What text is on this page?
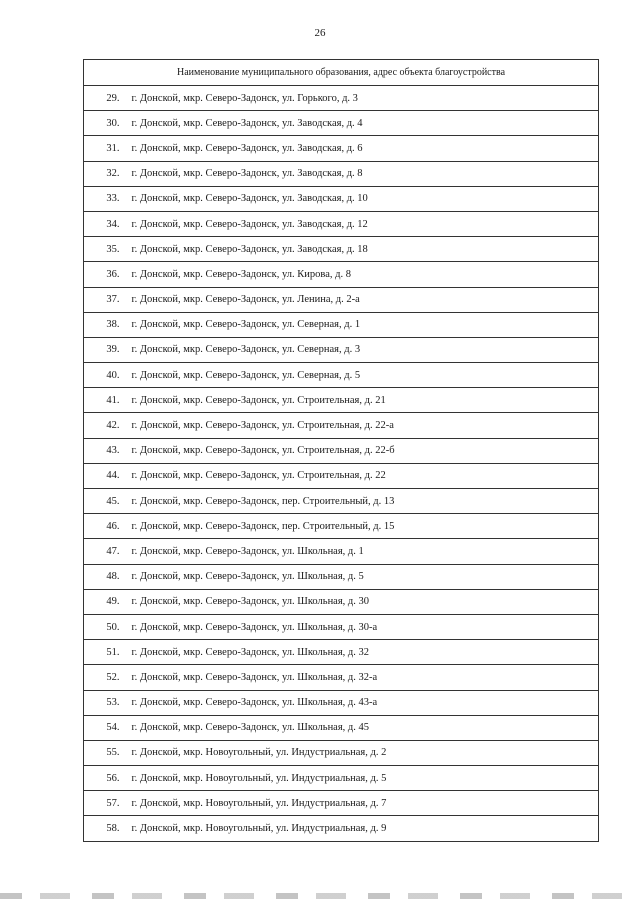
26
Наименование муниципального образования, адрес объекта благоустройства	
29.	г. Донской, мкр. Северо-Задонск, ул. Горького, д. 3
30.	г. Донской, мкр. Северо-Задонск, ул. Заводская, д. 4
31.	г. Донской, мкр. Северо-Задонск, ул. Заводская, д. 6
32.	г. Донской, мкр. Северо-Задонск, ул. Заводская, д. 8
33.	г. Донской, мкр. Северо-Задонск, ул. Заводская, д. 10
34.	г. Донской, мкр. Северо-Задонск, ул. Заводская, д. 12
35.	г. Донской, мкр. Северо-Задонск, ул. Заводская, д. 18
36.	г. Донской, мкр. Северо-Задонск, ул. Кирова, д. 8
37.	г. Донской, мкр. Северо-Задонск, ул. Ленина, д. 2-а
38.	г. Донской, мкр. Северо-Задонск, ул. Северная, д. 1
39.	г. Донской, мкр. Северо-Задонск, ул. Северная, д. 3
40.	г. Донской, мкр. Северо-Задонск, ул. Северная, д. 5
41.	г. Донской, мкр. Северо-Задонск, ул. Строительная, д. 21
42.	г. Донской, мкр. Северо-Задонск, ул. Строительная, д. 22-а
43.	г. Донской, мкр. Северо-Задонск, ул. Строительная, д. 22-б
44.	г. Донской, мкр. Северо-Задонск, ул. Строительная, д. 22
45.	г. Донской, мкр. Северо-Задонск, пер. Строительный, д. 13
46.	г. Донской, мкр. Северо-Задонск, пер. Строительный, д. 15
47.	г. Донской, мкр. Северо-Задонск, ул. Школьная, д. 1
48.	г. Донской, мкр. Северо-Задонск, ул. Школьная, д. 5
49.	г. Донской, мкр. Северо-Задонск, ул. Школьная, д. 30
50.	г. Донской, мкр. Северо-Задонск, ул. Школьная, д. 30-а
51.	г. Донской, мкр. Северо-Задонск, ул. Школьная, д. 32
52.	г. Донской, мкр. Северо-Задонск, ул. Школьная, д. 32-а
53.	г. Донской, мкр. Северо-Задонск, ул. Школьная, д. 43-а
54.	г. Донской, мкр. Северо-Задонск, ул. Школьная, д. 45
55.	г. Донской, мкр. Новоугольный, ул. Индустриальная, д. 2
56.	г. Донской, мкр. Новоугольный, ул. Индустриальная, д. 5
57.	г. Донской, мкр. Новоугольный, ул. Индустриальная, д. 7
58.	г. Донской, мкр. Новоугольный, ул. Индустриальная, д. 9
